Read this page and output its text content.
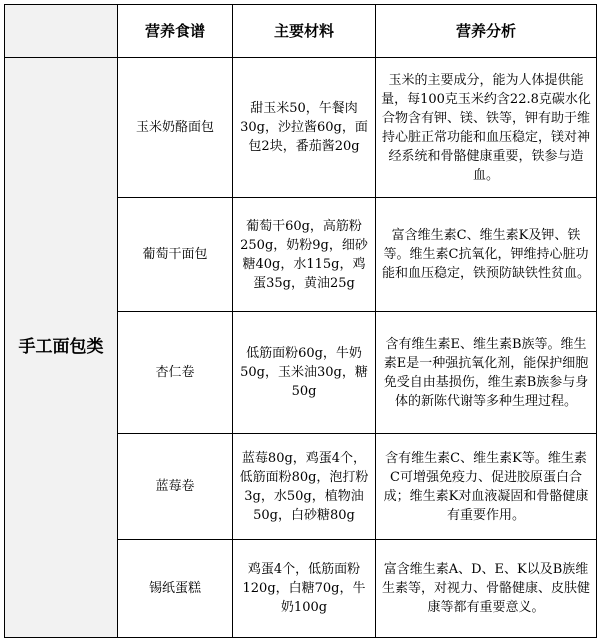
	营养食谱	主要材料	营养分析
手工面包类	玉米奶酪面包	甜玉米50，午餐肉30g，沙拉酱60g，面包2块，番茄酱20g	玉米的主要成分，能为人体提供能量，每100克玉米约含22.8克碳水化合物含有钾、镁、铁等，钾有助于维持心脏正常功能和血压稳定，镁对神经系统和骨骼健康重要，铁参与造血。
	葡萄干面包	葡萄干60g，高筋粉250g，奶粉9g，细砂糖40g，水115g，鸡蛋35g，黄油25g	富含维生素C、维生素K及钾、铁等。维生素C抗氧化，钾维持心脏功能和血压稳定，铁预防缺铁性贫血。
	杏仁卷	低筋面粉60g，牛奶50g，玉米油30g，糖50g	含有维生素E、维生素B族等。维生素E是一种强抗氧化剂，能保护细胞免受自由基损伤，维生素B族参与身体的新陈代谢等多种生理过程。
	蓝莓卷	蓝莓80g，鸡蛋4个，低筋面粉80g，泡打粉3g，水50g，植物油50g，白砂糖80g	含有维生素C、维生素K等。维生素C可增强免疫力、促进胶原蛋白合成；维生素K对血液凝固和骨骼健康有重要作用。
	锡纸蛋糕	鸡蛋4个，低筋面粉120g，白糖70g，牛奶100g	富含维生素A、D、E、K以及B族维生素等，对视力、骨骼健康、皮肤健康等都有重要意义。
